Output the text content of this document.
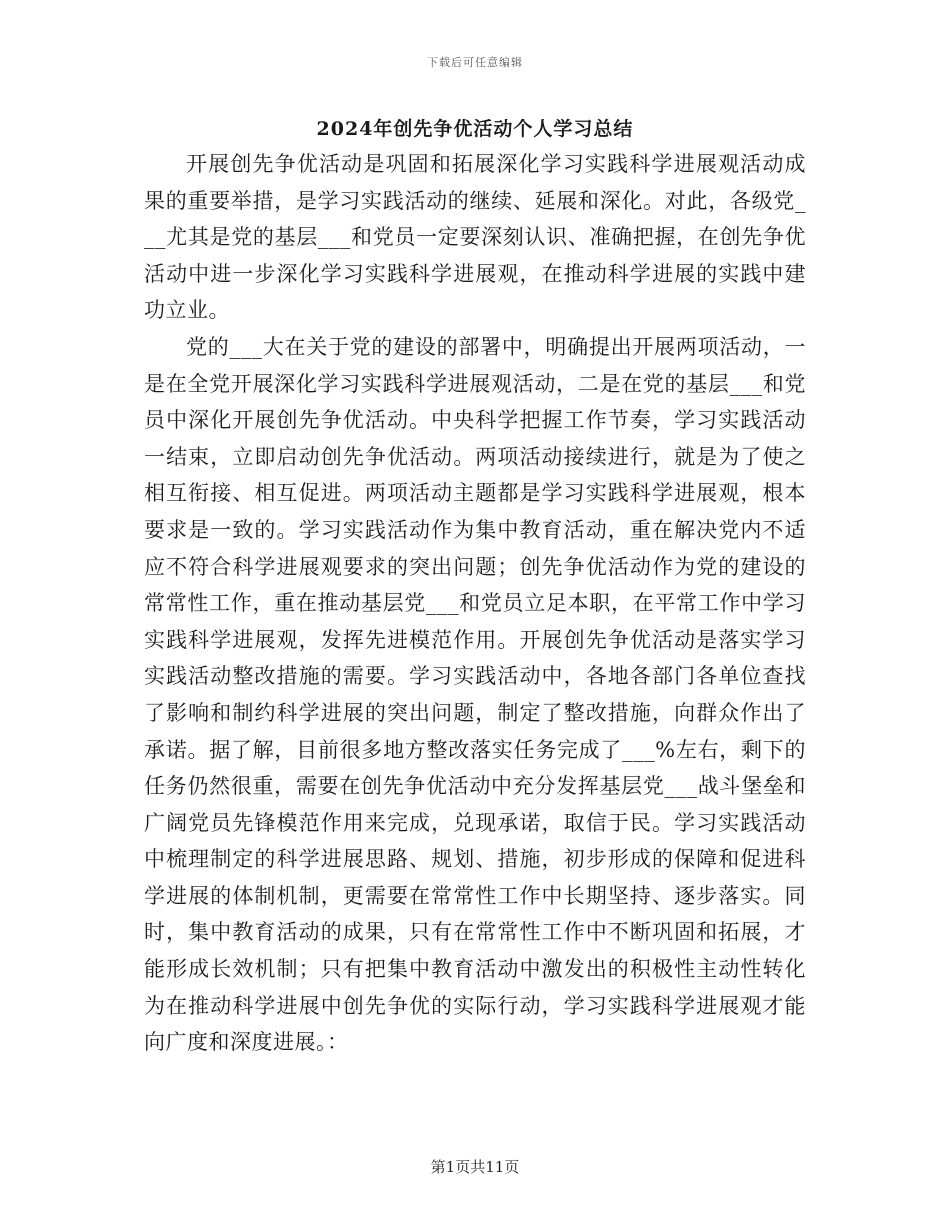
下载后可任意编辑
2024年创先争优活动个人学习总结

开展创先争优活动是巩固和拓展深化学习实践科学进展观活动成果的重要举措，是学习实践活动的继续、延展和深化。对此，各级党___尤其是党的基层___和党员一定要深刻认识、准确把握，在创先争优活动中进一步深化学习实践科学进展观，在推动科学进展的实践中建功立业。

党的___大在关于党的建设的部署中，明确提出开展两项活动，一是在全党开展深化学习实践科学进展观活动，二是在党的基层___和党员中深化开展创先争优活动。中央科学把握工作节奏，学习实践活动一结束，立即启动创先争优活动。两项活动接续进行，就是为了使之相互衔接、相互促进。两项活动主题都是学习实践科学进展观，根本要求是一致的。学习实践活动作为集中教育活动，重在解决党内不适应不符合科学进展观要求的突出问题；创先争优活动作为党的建设的常常性工作，重在推动基层党___和党员立足本职，在平常工作中学习实践科学进展观，发挥先进模范作用。开展创先争优活动是落实学习实践活动整改措施的需要。学习实践活动中，各地各部门各单位查找了影响和制约科学进展的突出问题，制定了整改措施，向群众作出了承诺。据了解，目前很多地方整改落实任务完成了___%左右，剩下的任务仍然很重，需要在创先争优活动中充分发挥基层党___战斗堡垒和广阔党员先锋模范作用来完成，兑现承诺，取信于民。学习实践活动中梳理制定的科学进展思路、规划、措施，初步形成的保障和促进科学进展的体制机制，更需要在常常性工作中长期坚持、逐步落实。同时，集中教育活动的成果，只有在常常性工作中不断巩固和拓展，才能形成长效机制；只有把集中教育活动中激发出的积极性主动性转化为在推动科学进展中创先争优的实际行动，学习实践科学进展观才能向广度和深度进展。：

第1页共11页
